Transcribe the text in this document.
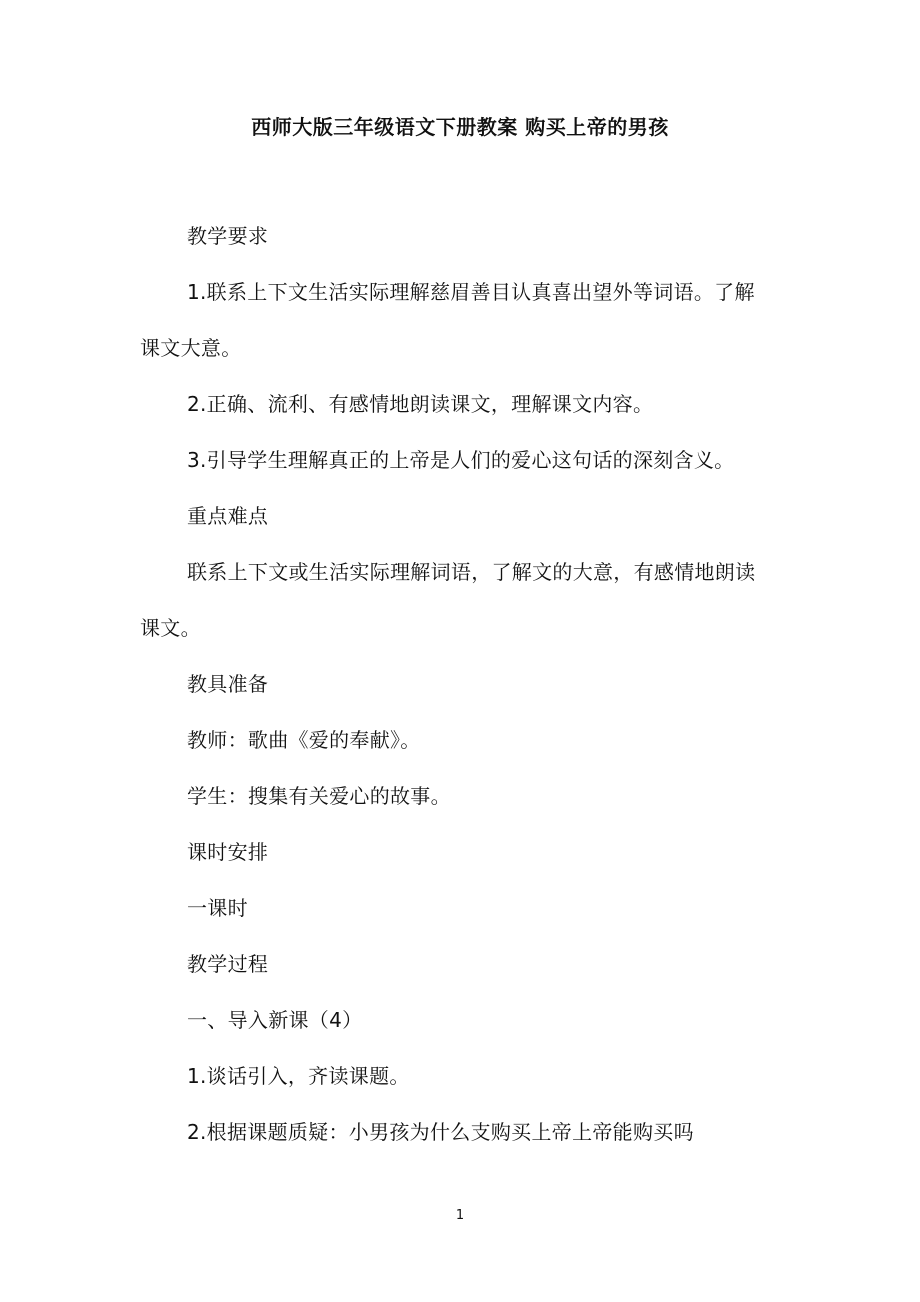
西师大版三年级语文下册教案 购买上帝的男孩
教学要求
1.联系上下文生活实际理解慈眉善目认真喜出望外等词语。了解
课文大意。
2.正确、流利、有感情地朗读课文，理解课文内容。
3.引导学生理解真正的上帝是人们的爱心这句话的深刻含义。
重点难点
联系上下文或生活实际理解词语，了解文的大意，有感情地朗读
课文。
教具准备
教师：歌曲《爱的奉献》。
学生：搜集有关爱心的故事。
课时安排
一课时
教学过程
一、导入新课（4）
1.谈话引入，齐读课题。
2.根据课题质疑：小男孩为什么支购买上帝上帝能购买吗
1
